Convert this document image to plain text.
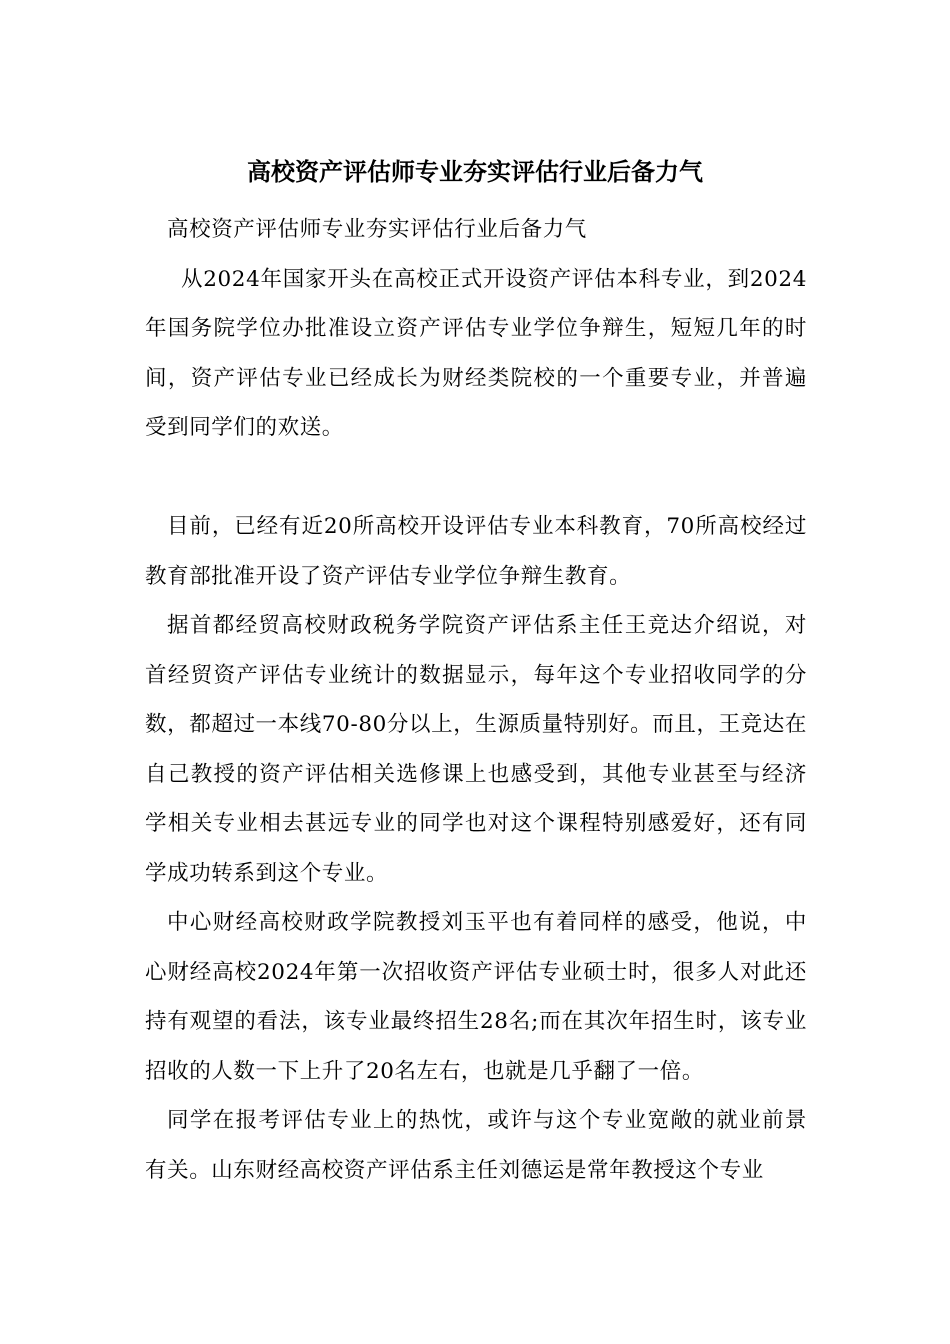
高校资产评估师专业夯实评估行业后备力气

高校资产评估师专业夯实评估行业后备力气

从2024年国家开头在高校正式开设资产评估本科专业，到2024年国务院学位办批准设立资产评估专业学位争辩生，短短几年的时间，资产评估专业已经成长为财经类院校的一个重要专业，并普遍受到同学们的欢送。

目前，已经有近20所高校开设评估专业本科教育，70所高校经过教育部批准开设了资产评估专业学位争辩生教育。

据首都经贸高校财政税务学院资产评估系主任王竞达介绍说，对首经贸资产评估专业统计的数据显示，每年这个专业招收同学的分数，都超过一本线70-80分以上，生源质量特别好。而且，王竞达在自己教授的资产评估相关选修课上也感受到，其他专业甚至与经济学相关专业相去甚远专业的同学也对这个课程特别感爱好，还有同学成功转系到这个专业。

中心财经高校财政学院教授刘玉平也有着同样的感受，他说，中心财经高校2024年第一次招收资产评估专业硕士时，很多人对此还持有观望的看法，该专业最终招生28名;而在其次年招生时，该专业招收的人数一下上升了20名左右，也就是几乎翻了一倍。

同学在报考评估专业上的热忱，或许与这个专业宽敞的就业前景有关。山东财经高校资产评估系主任刘德运是常年教授这个专业
